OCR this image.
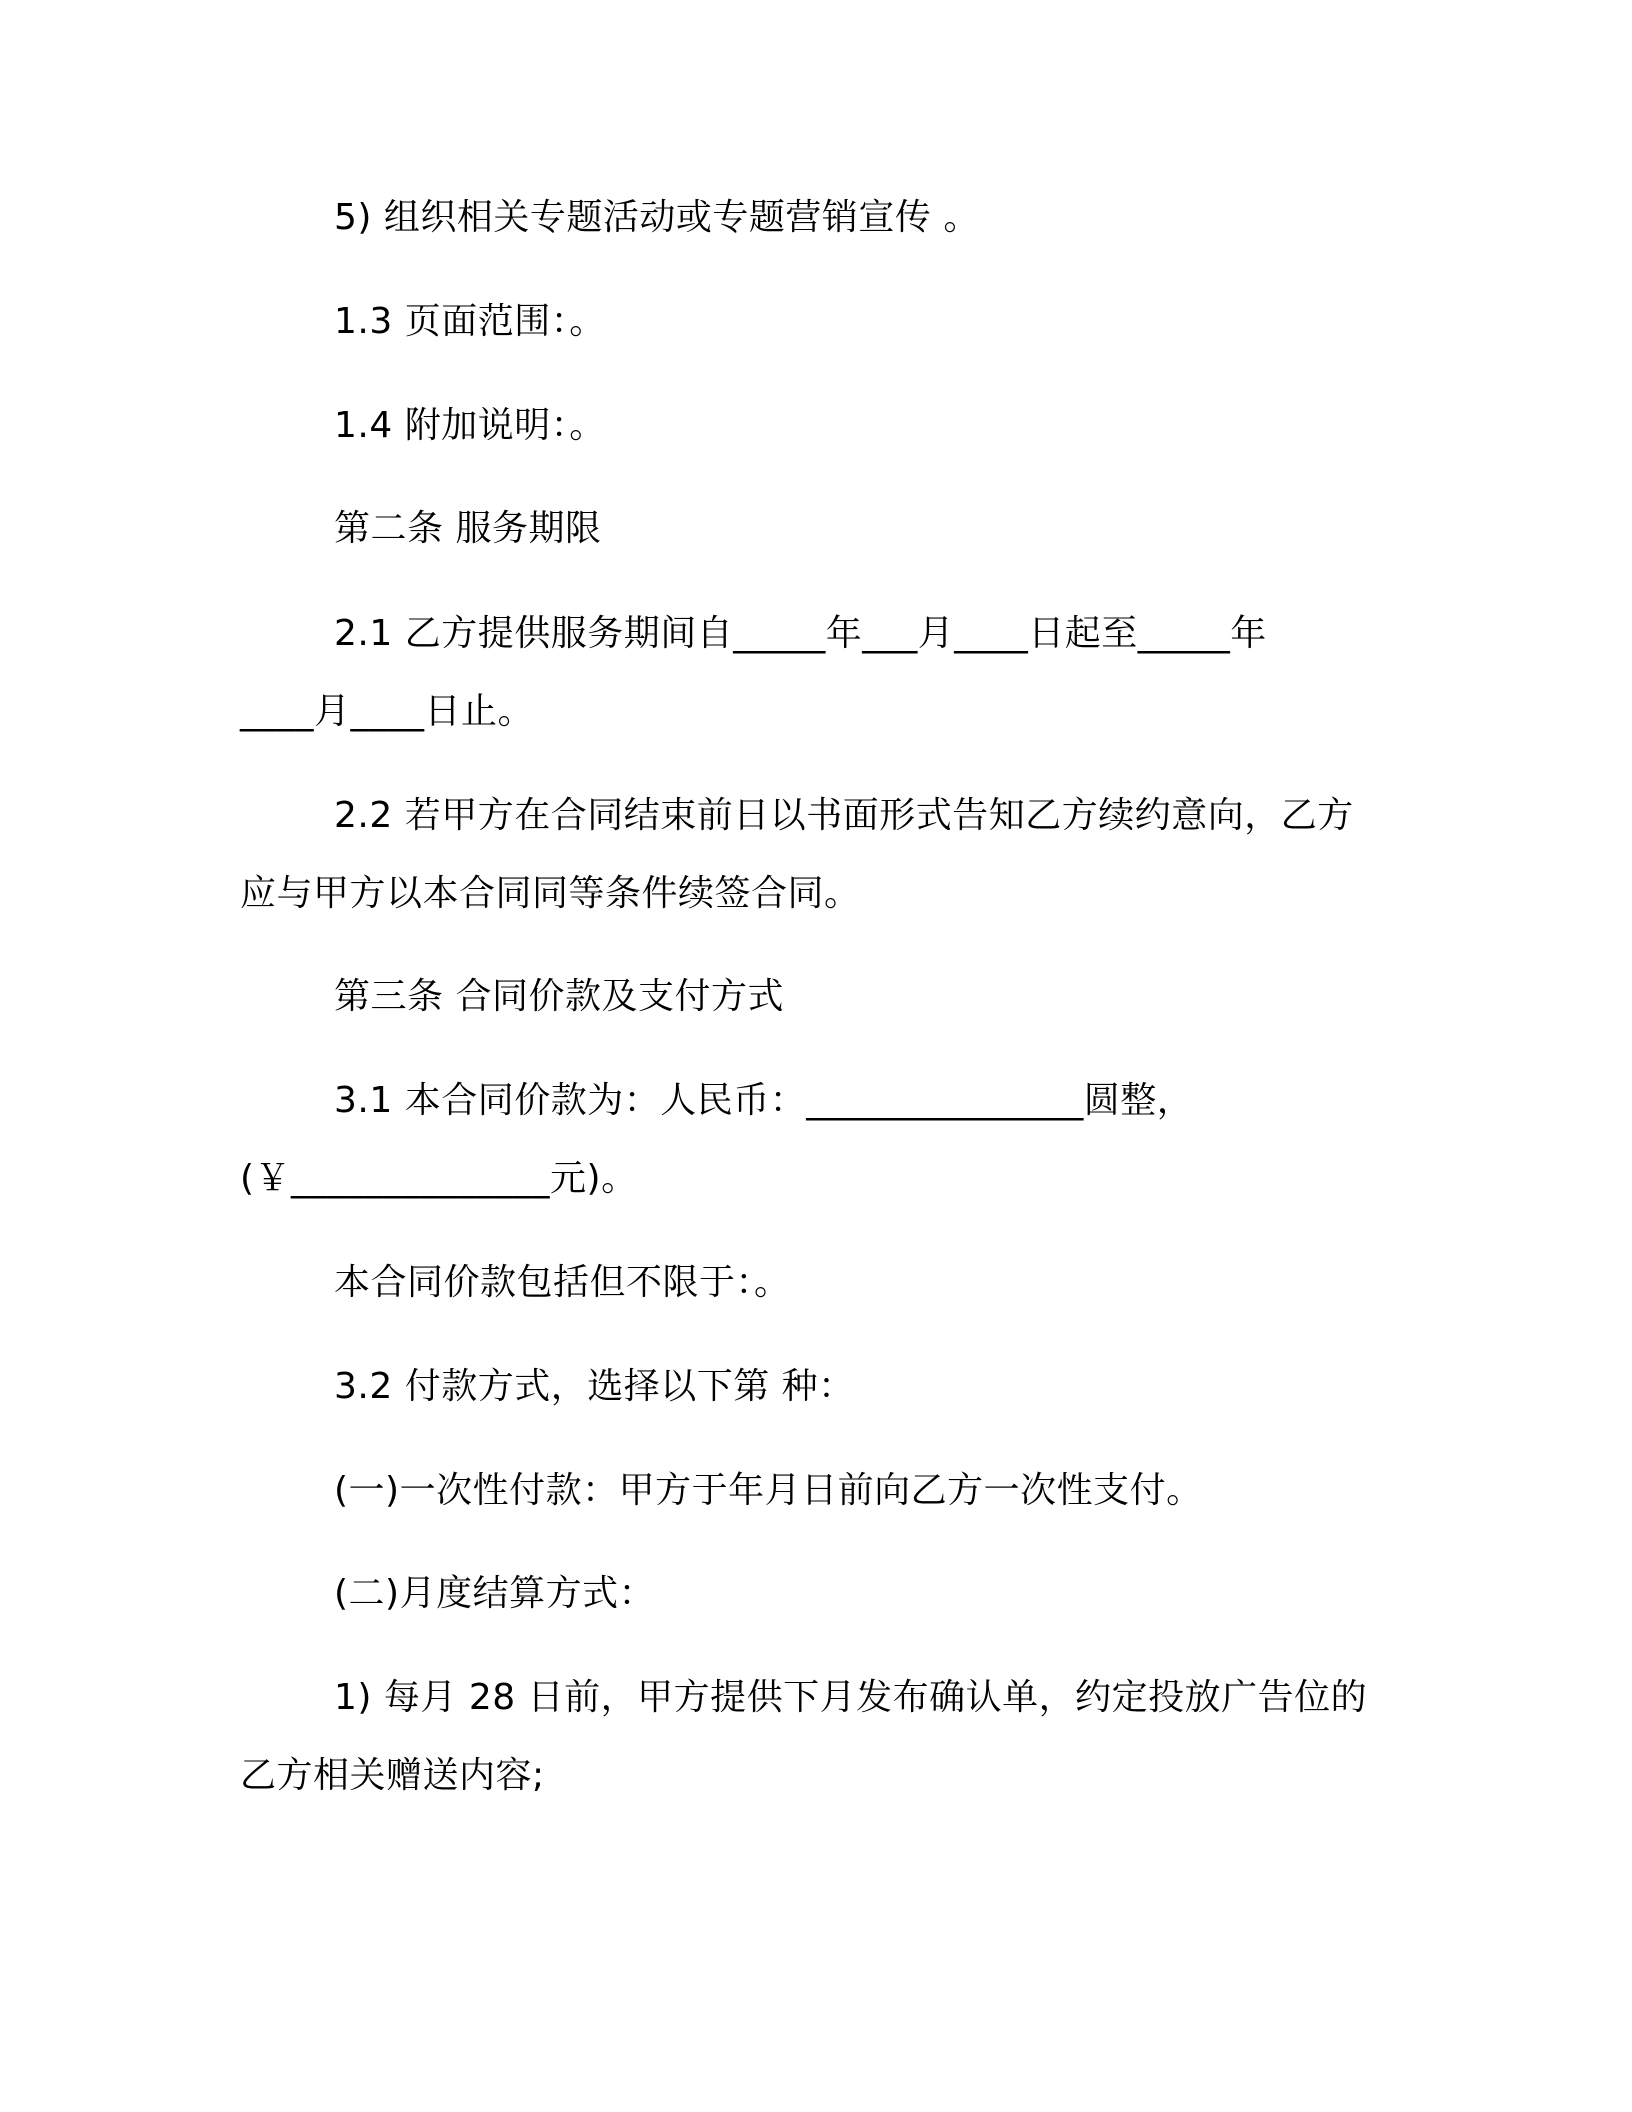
5) 组织相关专题活动或专题营销宣传 。
1.3 页面范围：。
1.4 附加说明：。
第二条 服务期限
2.1 乙方提供服务期间自_____年___月____日起至_____年
____月____日止。
2.2 若甲方在合同结束前日以书面形式告知乙方续约意向，乙方
应与甲方以本合同同等条件续签合同。
第三条 合同价款及支付方式
3.1 本合同价款为：人民币：_______________圆整，
(￥______________元)。
本合同价款包括但不限于：。
3.2 付款方式，选择以下第 种：
(一)一次性付款：甲方于年月日前向乙方一次性支付。
(二)月度结算方式：
1) 每月 28 日前，甲方提供下月发布确认单，约定投放广告位的
乙方相关赠送内容;
